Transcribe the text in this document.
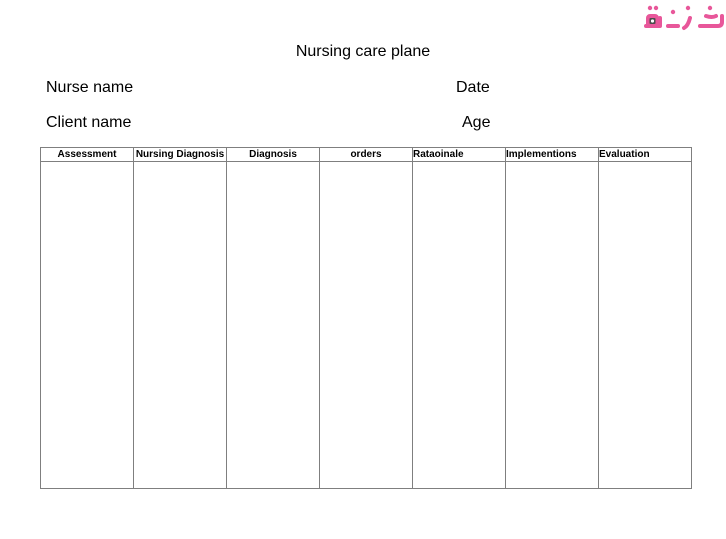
Nursing care plane
Nurse name	Date
Client name	Age
Assessment	Nursing Diagnosis	Diagnosis	orders	Rataoinale	Implementions	Evaluation
